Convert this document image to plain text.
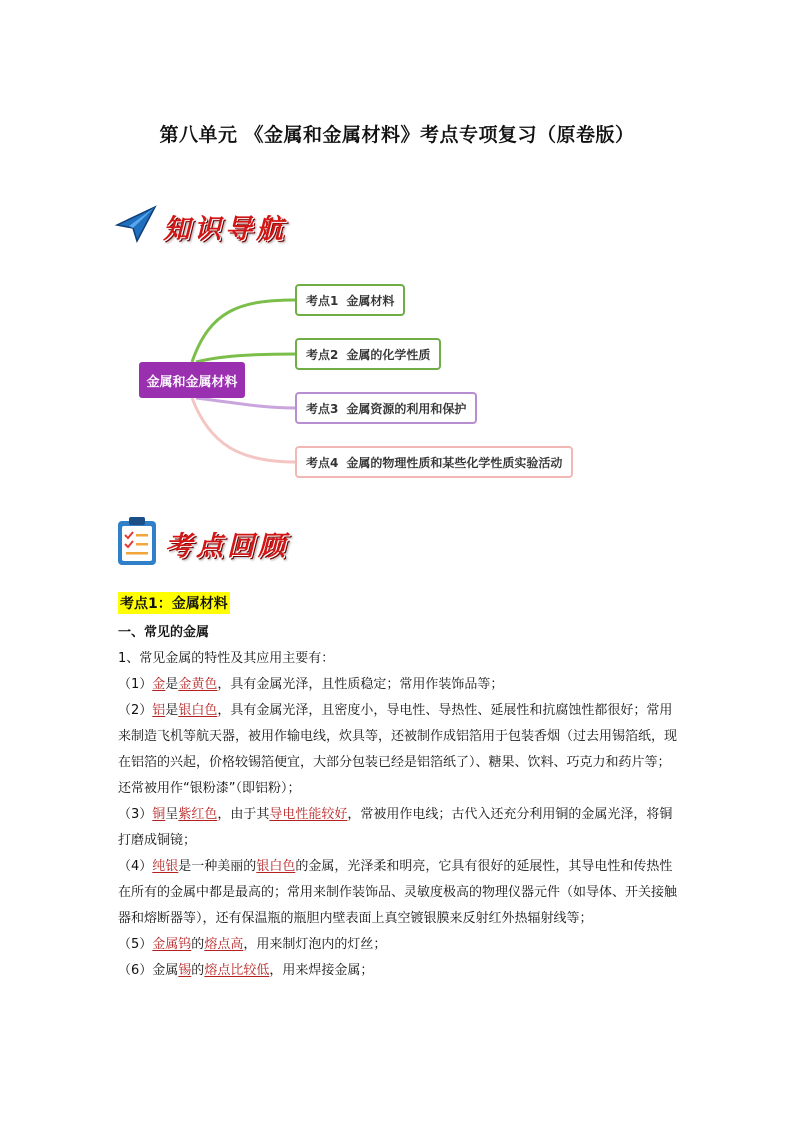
第八单元 《金属和金属材料》考点专项复习（原卷版）
知识导航
金属和金属材料
考点1 金属材料
考点2 金属的化学性质
考点3 金属资源的利用和保护
考点4 金属的物理性质和某些化学性质实验活动
考点回顾
考点1：金属材料

一、常见的金属

1、常见金属的特性及其应用主要有：

（1）金是金黄色，具有金属光泽，且性质稳定；常用作装饰品等；

（2）铝是银白色，具有金属光泽，且密度小，导电性、导热性、延展性和抗腐蚀性都很好；常用来制造飞机等航天器，被用作输电线，炊具等，还被制作成铝箔用于包装香烟（过去用锡箔纸，现在铝箔的兴起，价格较锡箔便宜，大部分包装已经是铝箔纸了）、糖果、饮料、巧克力和药片等；还常被用作“银粉漆”（即铝粉）；

（3）铜呈紫红色，由于其导电性能较好，常被用作电线；古代入还充分利用铜的金属光泽，将铜打磨成铜镜；

（4）纯银是一种美丽的银白色的金属，光泽柔和明亮，它具有很好的延展性，其导电性和传热性在所有的金属中都是最高的；常用来制作装饰品、灵敏度极高的物理仪器元件（如导体、开关接触器和熔断器等），还有保温瓶的瓶胆内壁表面上真空镀银膜来反射红外热辐射线等；

（5）金属钨的熔点高，用来制灯泡内的灯丝；

（6）金属锡的熔点比较低，用来焊接金属；
